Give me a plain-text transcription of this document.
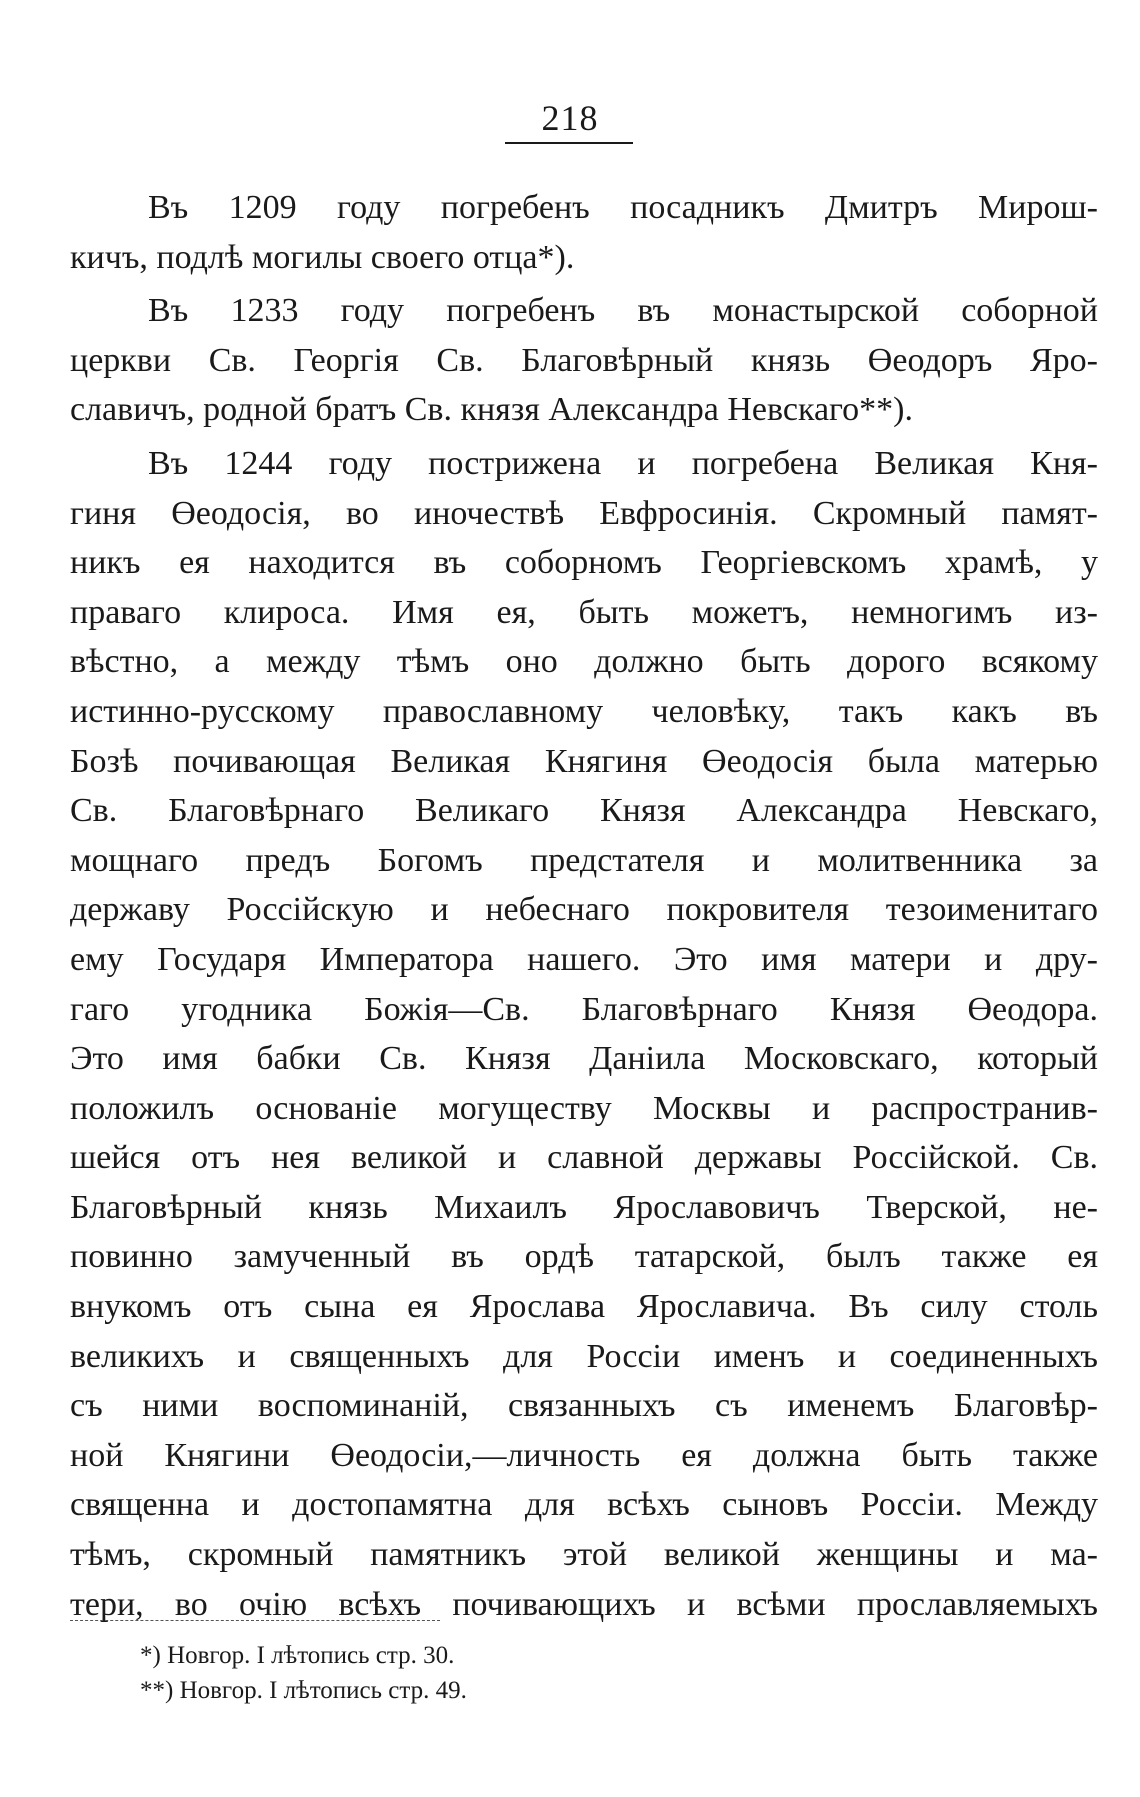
218

Въ 1209 году погребенъ посадникъ Дмитръ Мирош-
кичъ, подлѣ могилы своего отца*).

Въ 1233 году погребенъ въ монастырской соборной
церкви Св. Георгія Св. Благовѣрный князь Өеодоръ Яро-
славичъ, родной братъ Св. князя Александра Невскаго**).

Въ 1244 году пострижена и погребена Великая Кня-
гиня Өеодосія, во иночествѣ Евфросинія. Скромный памят-
никъ ея находится въ соборномъ Георгіевскомъ храмѣ, у
праваго клироса. Имя ея, быть можетъ, немногимъ из-
вѣстно, а между тѣмъ оно должно быть дорого всякому
истинно-русскому православному человѣку, такъ какъ въ
Бозѣ почивающая Великая Княгиня Өеодосія была матерью
Св. Благовѣрнаго Великаго Князя Александра Невскаго,
мощнаго предъ Богомъ предстателя и молитвенника за
державу Россійскую и небеснаго покровителя тезоименитаго
ему Государя Императора нашего. Это имя матери и дру-
гаго угодника Божія—Св. Благовѣрнаго Князя Өеодора.
Это имя бабки Св. Князя Даніила Московскаго, который
положилъ основаніе могуществу Москвы и распространив-
шейся отъ нея великой и славной державы Россійской. Св.
Благовѣрный князь Михаилъ Ярославовичъ Тверской, не-
повинно замученный въ ордѣ татарской, былъ также ея
внукомъ отъ сына ея Ярослава Ярославича. Въ силу столь
великихъ и священныхъ для Россіи именъ и соединенныхъ
съ ними воспоминаній, связанныхъ съ именемъ Благовѣр-
ной Княгини Өеодосіи,—личность ея должна быть также
священна и достопамятна для всѣхъ сыновъ Россіи. Между
тѣмъ, скромный памятникъ этой великой женщины и ма-
тери, во очію всѣхъ почивающихъ и всѣми прославляемыхъ

*) Новгор. I лѣтопись стр. 30.
**) Новгор. I лѣтопись стр. 49.
